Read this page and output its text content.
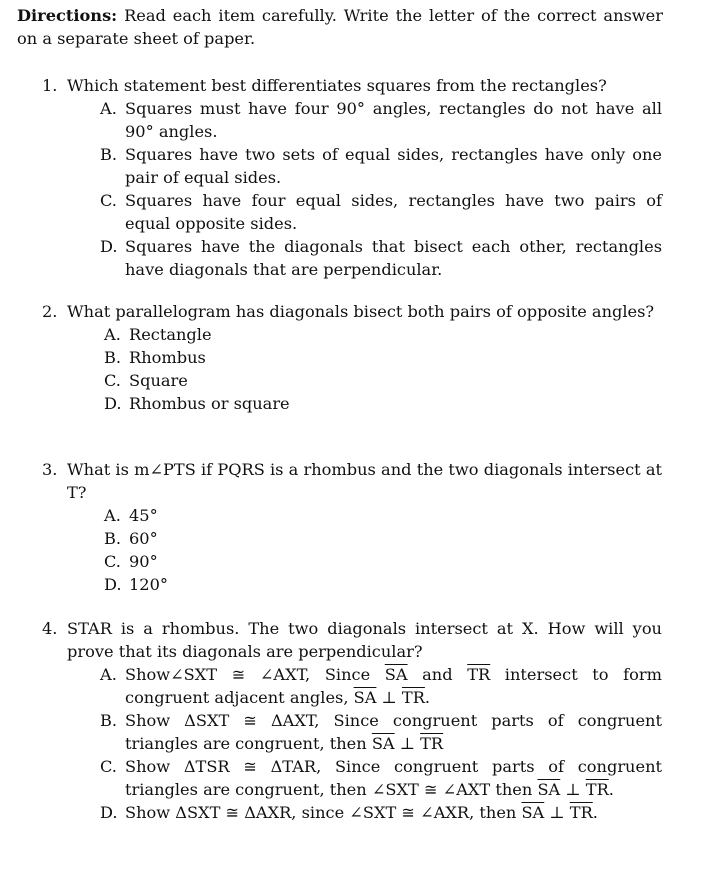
Directions: Read each item carefully. Write the letter of the correct answer on a separate sheet of paper.
1. Which statement best differentiates squares from the rectangles?
A. Squares must have four 90° angles, rectangles do not have all 90° angles.
B. Squares have two sets of equal sides, rectangles have only one pair of equal sides.
C. Squares have four equal sides, rectangles have two pairs of equal opposite sides.
D. Squares have the diagonals that bisect each other, rectangles have diagonals that are perpendicular.
2. What parallelogram has diagonals bisect both pairs of opposite angles?
A. Rectangle
B. Rhombus
C. Square
D. Rhombus or square
3. What is m∠PTS if PQRS is a rhombus and the two diagonals intersect at T?
A. 45°
B. 60°
C. 90°
D. 120°
4. STAR is a rhombus. The two diagonals intersect at X. How will you prove that its diagonals are perpendicular?
A. Show∠SXT ≅ ∠AXT, Since $\overline{SA}$ and $\overline{TR}$ intersect to form congruent adjacent angles, $\overline{SA}$ ⊥ $\overline{TR}$.
B. Show ΔSXT ≅ ΔAXT, Since congruent parts of congruent triangles are congruent, then $\overline{SA}$ ⊥ $\overline{TR}$
C. Show ΔTSR ≅ ΔTAR, Since congruent parts of congruent triangles are congruent, then ∠SXT ≅ ∠AXT then $\overline{SA}$ ⊥ $\overline{TR}$.
D. Show ΔSXT ≅ ΔAXR, since ∠SXT ≅ ∠AXR, then $\overline{SA}$ ⊥ $\overline{TR}$.
